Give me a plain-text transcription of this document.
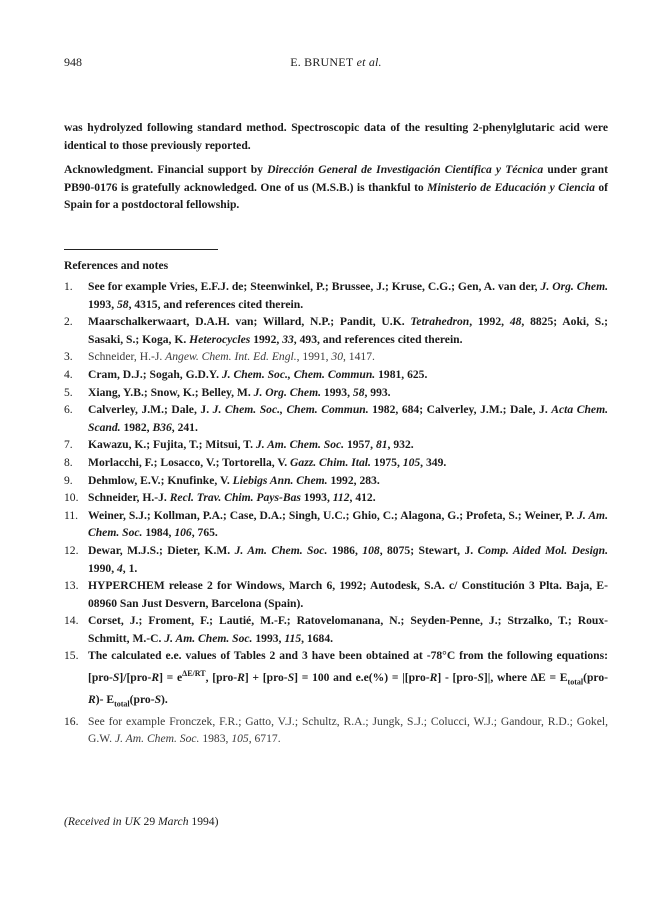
948	E. BRUNET et al.
was hydrolyzed following standard method. Spectroscopic data of the resulting 2-phenylglutaric acid were identical to those previously reported.
Acknowledgment. Financial support by Dirección General de Investigación Científica y Técnica under grant PB90-0176 is gratefully acknowledged. One of us (M.S.B.) is thankful to Ministerio de Educación y Ciencia of Spain for a postdoctoral fellowship.
References and notes
1.	See for example Vries, E.F.J. de; Steenwinkel, P.; Brussee, J.; Kruse, C.G.; Gen, A. van der, J. Org. Chem. 1993, 58, 4315, and references cited therein.
2.	Maarschalkerwaart, D.A.H. van; Willard, N.P.; Pandit, U.K. Tetrahedron, 1992, 48, 8825; Aoki, S.; Sasaki, S.; Koga, K. Heterocycles 1992, 33, 493, and references cited therein.
3.	Schneider, H.-J. Angew. Chem. Int. Ed. Engl., 1991, 30, 1417.
4.	Cram, D.J.; Sogah, G.D.Y. J. Chem. Soc., Chem. Commun. 1981, 625.
5.	Xiang, Y.B.; Snow, K.; Belley, M. J. Org. Chem. 1993, 58, 993.
6.	Calverley, J.M.; Dale, J. J. Chem. Soc., Chem. Commun. 1982, 684; Calverley, J.M.; Dale, J. Acta Chem. Scand. 1982, B36, 241.
7.	Kawazu, K.; Fujita, T.; Mitsui, T. J. Am. Chem. Soc. 1957, 81, 932.
8.	Morlacchi, F.; Losacco, V.; Tortorella, V. Gazz. Chim. Ital. 1975, 105, 349.
9.	Dehmlow, E.V.; Knufinke, V. Liebigs Ann. Chem. 1992, 283.
10. Schneider, H.-J. Recl. Trav. Chim. Pays-Bas 1993, 112, 412.
11. Weiner, S.J.; Kollman, P.A.; Case, D.A.; Singh, U.C.; Ghio, C.; Alagona, G.; Profeta, S.; Weiner, P. J. Am. Chem. Soc. 1984, 106, 765.
12. Dewar, M.J.S.; Dieter, K.M. J. Am. Chem. Soc. 1986, 108, 8075; Stewart, J. Comp. Aided Mol. Design. 1990, 4, 1.
13. HYPERCHEM release 2 for Windows, March 6, 1992; Autodesk, S.A. c/ Constitución 3 Plta. Baja, E-08960 San Just Desvern, Barcelona (Spain).
14. Corset, J.; Froment, F.; Lautié, M.-F.; Ratovelomanana, N.; Seyden-Penne, J.; Strzalko, T.; Roux-Schmitt, M.-C. J. Am. Chem. Soc. 1993, 115, 1684.
15. The calculated e.e. values of Tables 2 and 3 have been obtained at -78°C from the following equations: $[pro-S]/[pro-R] = e^{\Delta E/RT}$, [pro-R] + [pro-S] = 100 and e.e(%) = |[pro-R] - [pro-S]|, where $\Delta E = E_{total}(pro-R)-$ $E_{total}(pro-S)$.
16. See for example Fronczek, F.R.; Gatto, V.J.; Schultz, R.A.; Jungk, S.J.; Colucci, W.J.; Gandour, R.D.; Gokel, G.W. J. Am. Chem. Soc. 1983, 105, 6717.
(Received in UK 29 March 1994)
